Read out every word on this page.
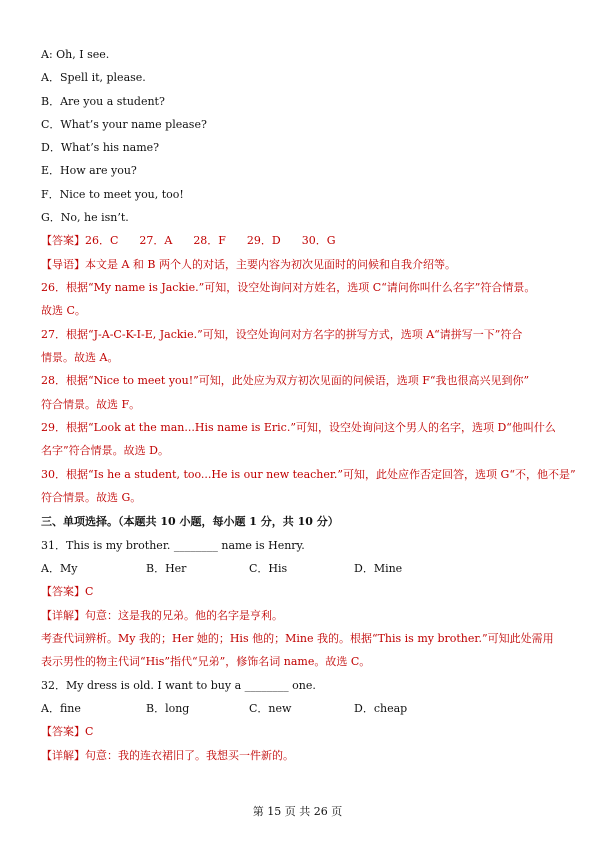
A: Oh, I see.
A．Spell it, please.
B．Are you a student?
C．What’s your name please?
D．What’s his name?
E．How are you?
F．Nice to meet you, too!
G．No, he isn’t.
【答案】26．C      27．A      28．F      29．D      30．G
【导语】本文是 A 和 B 两个人的对话，主要内容为初次见面时的问候和自我介绍等。
26．根据“My name is Jackie.”可知，设空处询问对方姓名，选项 C“请问你叫什么名字”符合情景。
故选 C。
27．根据“J-A-C-K-I-E, Jackie.”可知，设空处询问对方名字的拼写方式，选项 A“请拼写一下”符合
情景。故选 A。
28．根据“Nice to meet you!”可知，此处应为双方初次见面的问候语，选项 F“我也很高兴见到你”
符合情景。故选 F。
29．根据“Look at the man...His name is Eric.”可知，设空处询问这个男人的名字，选项 D“他叫什么
名字”符合情景。故选 D。
30．根据“Is he a student, too...He is our new teacher.”可知，此处应作否定回答，选项 G“不，他不是”
符合情景。故选 G。
三、单项选择。（本题共 10 小题，每小题 1 分，共 10 分）
31．This is my brother. ________ name is Henry.
A．My	B．Her	C．His	D．Mine
【答案】C
【详解】句意：这是我的兄弟。他的名字是亨利。
考查代词辨析。My 我的；Her 她的；His 他的；Mine 我的。根据“This is my brother.”可知此处需用
表示男性的物主代词“His”指代“兄弟”，修饰名词 name。故选 C。
32．My dress is old. I want to buy a ________ one.
A．fine	B．long	C．new	D．cheap
【答案】C
【详解】句意：我的连衣裙旧了。我想买一件新的。
第 15 页 共 26 页
